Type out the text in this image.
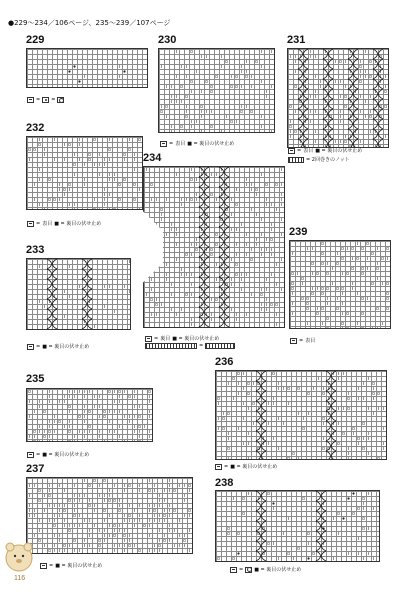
●229～234／106ページ、235～239／107ページ
229
= =
230
= 表目 ■ = 裏目の伏せ止め
231
= 表目 ■ = 裏目の伏せ止め
= 2回巻きのノット
232
= 表目 ■ = 裏目の伏せ止め
234
= 裏目 ■ = 裏目の伏せ止め
=
233
= ■ = 裏目の伏せ止め
239
= 表目
235
= ■ = 裏目の伏せ止め
236
= ■ = 裏目の伏せ止め
237
= ■ = 裏目の伏せ止め
238
= ■ = 裏目の伏せ止め
116
